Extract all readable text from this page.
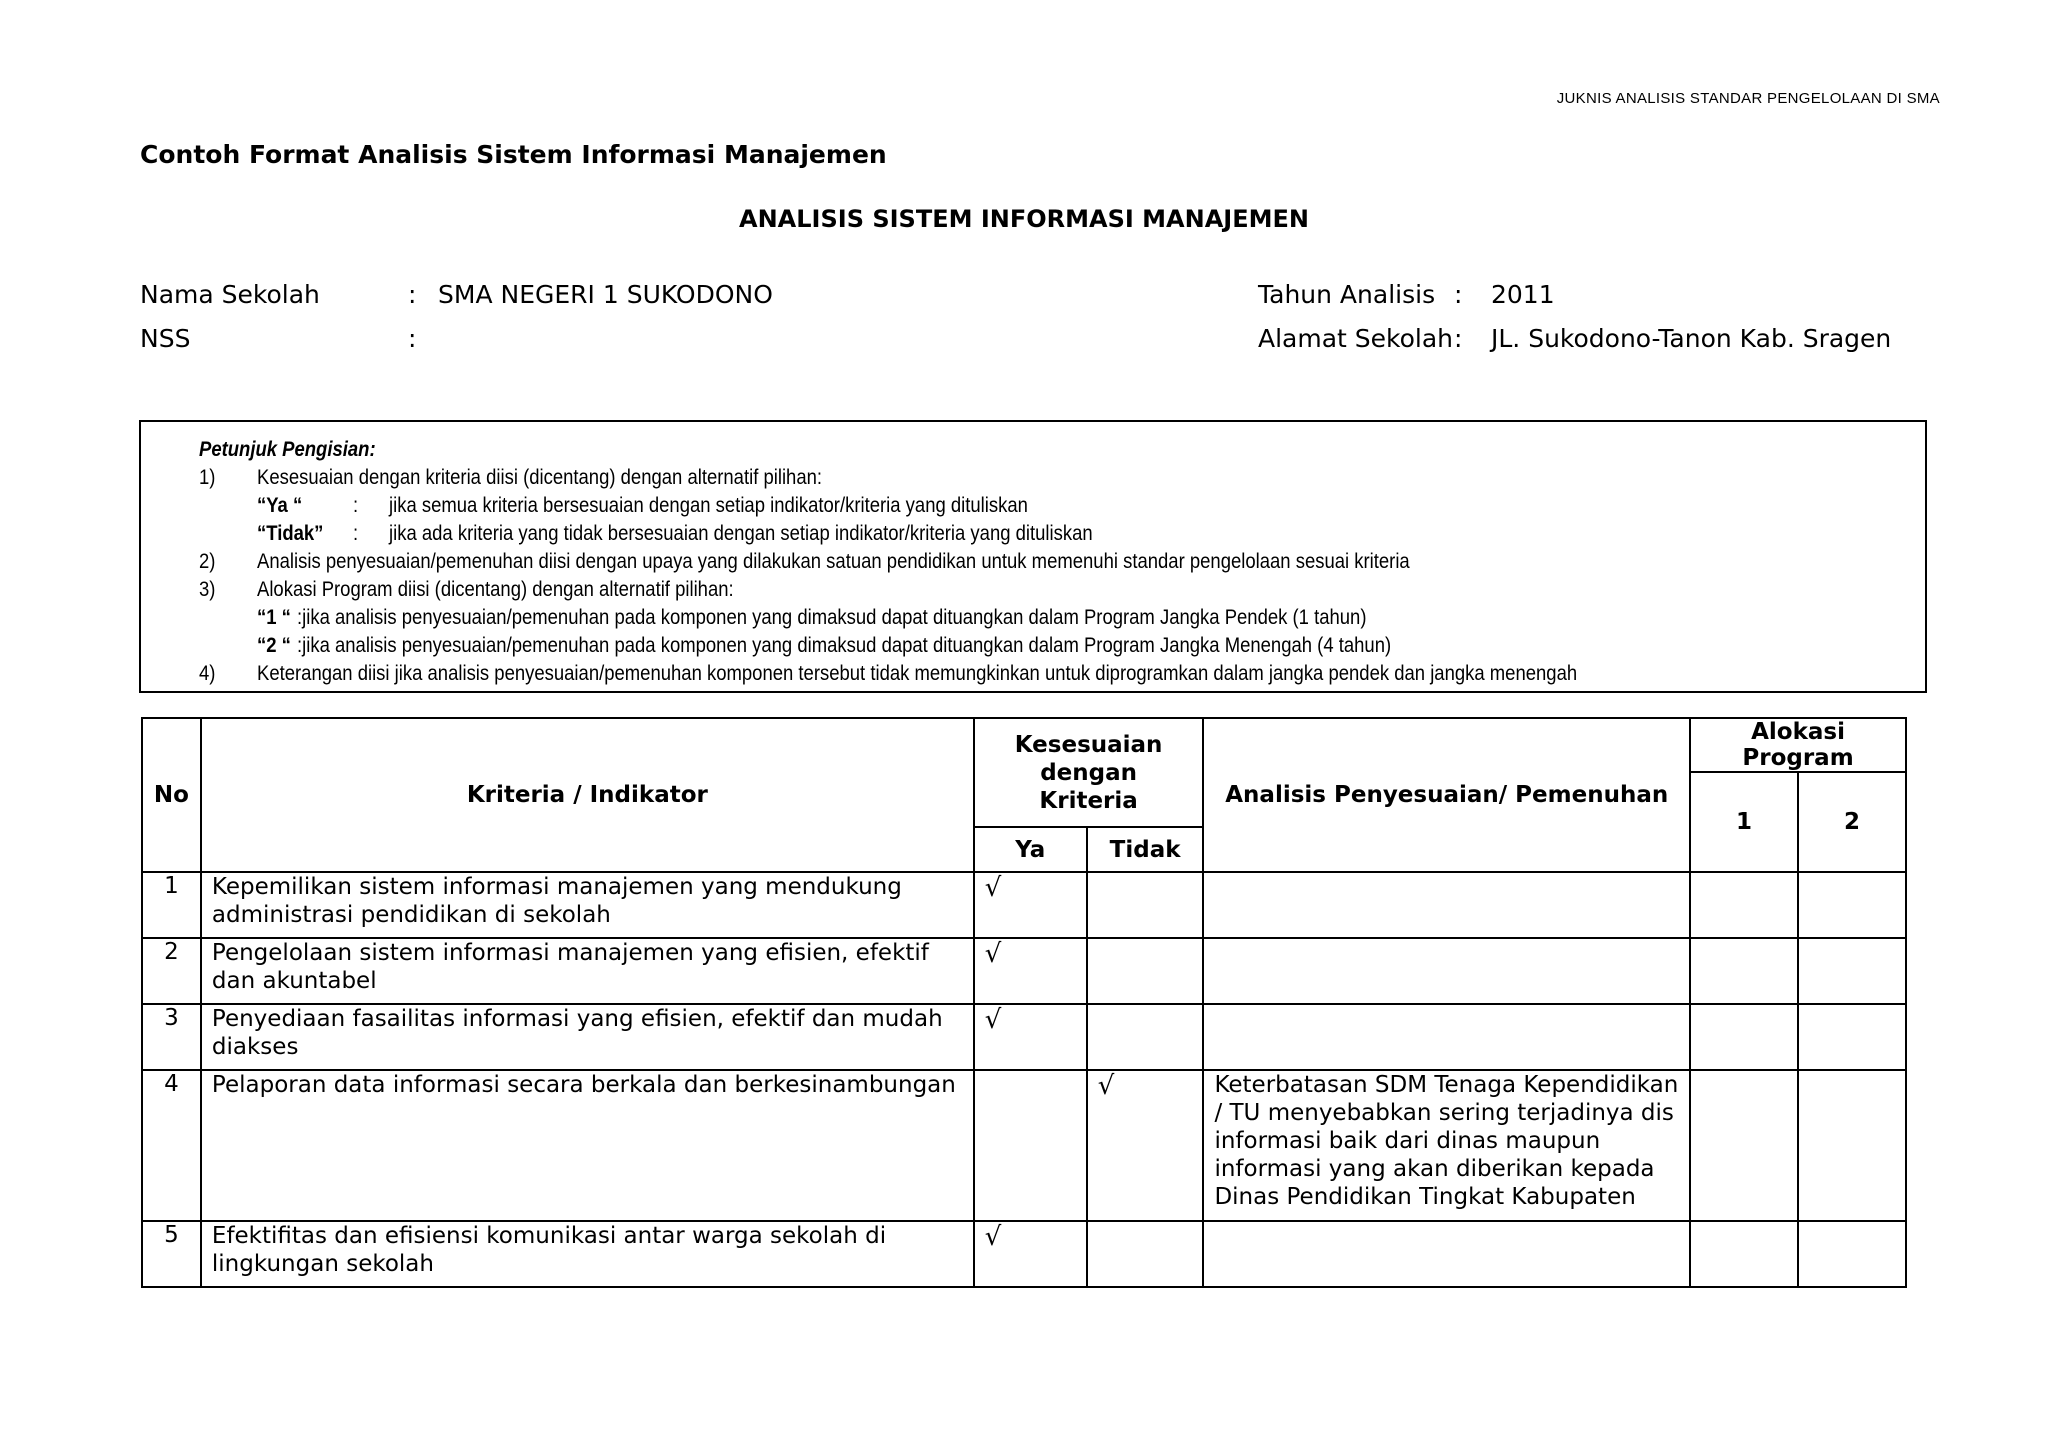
JUKNIS ANALISIS STANDAR PENGELOLAAN DI SMA
Contoh Format Analisis Sistem Informasi Manajemen
ANALISIS SISTEM INFORMASI MANAJEMEN
Nama Sekolah	: SMA NEGERI 1 SUKODONO
NSS	:
Tahun Analisis : 2011
Alamat Sekolah : JL. Sukodono-Tanon Kab. Sragen
Petunjuk Pengisian:
1) Kesesuaian dengan kriteria diisi (dicentang) dengan alternatif pilihan:
“Ya “ : jika semua kriteria bersesuaian dengan setiap indikator/kriteria yang dituliskan
“Tidak” : jika ada kriteria yang tidak bersesuaian dengan setiap indikator/kriteria yang dituliskan
2) Analisis penyesuaian/pemenuhan diisi dengan upaya yang dilakukan satuan pendidikan untuk memenuhi standar pengelolaan sesuai kriteria
3) Alokasi Program diisi (dicentang) dengan alternatif pilihan:
“1 “ :jika analisis penyesuaian/pemenuhan pada komponen yang dimaksud dapat dituangkan dalam Program Jangka Pendek (1 tahun)
“2 “ :jika analisis penyesuaian/pemenuhan pada komponen yang dimaksud dapat dituangkan dalam Program Jangka Menengah (4 tahun)
4) Keterangan diisi jika analisis penyesuaian/pemenuhan komponen tersebut tidak memungkinkan untuk diprogramkan dalam jangka pendek dan jangka menengah
No	Kriteria / Indikator	Kesesuaian dengan Kriteria		Analisis Penyesuaian/ Pemenuhan	Alokasi Program	
					1	2
		Ya	Tidak			
1	Kepemilikan sistem informasi manajemen yang mendukung administrasi pendidikan di sekolah	√				
2	Pengelolaan sistem informasi manajemen yang efisien, efektif dan akuntabel	√				
3	Penyediaan fasailitas informasi yang efisien, efektif dan mudah diakses	√				
4	Pelaporan data informasi secara berkala dan berkesinambungan		√	Keterbatasan SDM Tenaga Kependidikan / TU menyebabkan sering terjadinya dis informasi baik dari dinas maupun informasi yang akan diberikan kepada Dinas Pendidikan Tingkat Kabupaten		
5	Efektifitas dan efisiensi komunikasi antar warga sekolah di lingkungan sekolah	√				
